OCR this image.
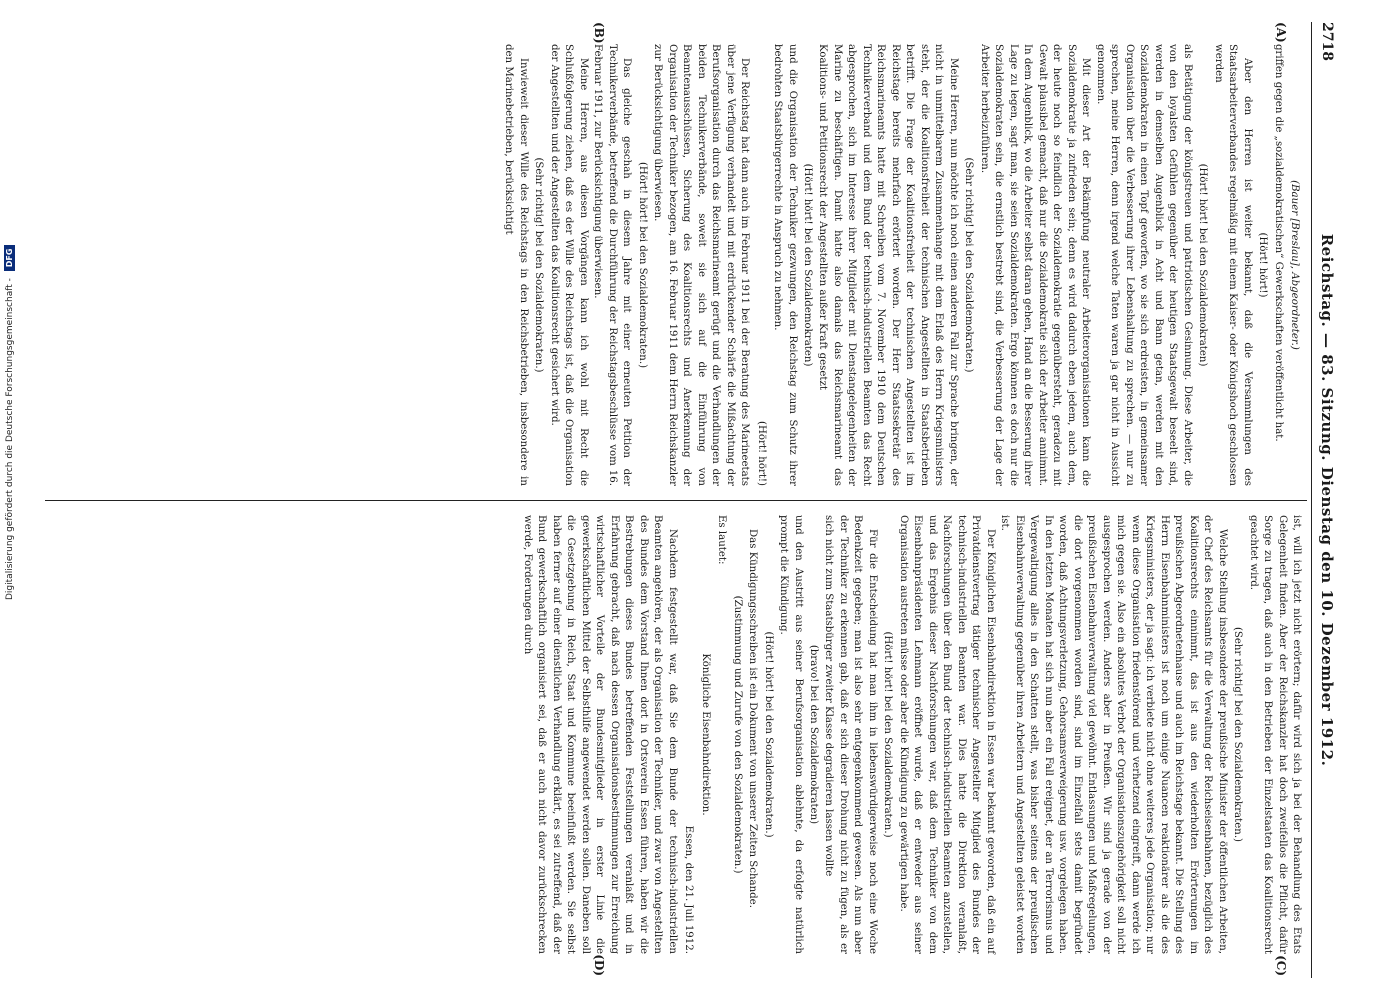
2718
Reichstag. — 83. Sitzung. Dienstag den 10. Dezember 1912.
(A)
(B)

(Bauer [Breslau], Abgeordneter.)

griffen gegen die „sozialdemokratischen“ Gewerkschaften veröffentlicht hat.

(Hört! hört!)

Aber den Herren ist weiter bekannt, daß die Versammlungen des Staatsarbeiterverbandes regelmäßig mit einem Kaiser- oder Königshoch geschlossen werden

(Hört! hört! bei den Sozialdemokraten)

als Betätigung der königstreuen und patriotischen Gesinnung. Diese Arbeiter, die von den loyalsten Gefühlen gegenüber der heutigen Staatsgewalt beseelt sind, werden in demselben Augenblick in Acht und Bann getan, werden mit den Sozialdemokraten in einen Topf geworfen, wo sie sich erdreisten, in gemeinsamer Organisation über die Verbesserung ihrer Lebenshaltung zu sprechen. — nur zu sprechen, meine Herren, denn irgend welche Taten waren ja gar nicht in Aussicht genommen.

Mit dieser Art der Bekämpfung neutraler Arbeiterorganisationen kann die Sozialdemokratie ja zufrieden sein; denn es wird dadurch eben jedem, auch dem, der heute noch so feindlich der Sozialdemokratie gegenübersteht, geradezu mit Gewalt plausibel gemacht, daß nur die Sozialdemokratie sich der Arbeiter annimmt. In dem Augenblick, wo die Arbeiter selbst daran gehen, Hand an die Besserung ihrer Lage zu legen, sagt man, sie seien Sozialdemokraten. Ergo können es doch nur die Sozialdemokraten sein, die ernstlich bestrebt sind, die Verbesserung der Lage der Arbeiter herbeizuführen.

(Sehr richtig! bei den Sozialdemokraten.)

Meine Herren, nun möchte ich noch einen anderen Fall zur Sprache bringen, der nicht in unmittelbarem Zusammenhange mit dem Erlaß des Herrn Kriegsministers steht, der die Koalitionsfreiheit der technischen Angestellten in Staatsbetrieben betrifft. Die Frage der Koalitionsfreiheit der technischen Angestellten ist im Reichstage bereits mehrfach erörtert worden. Der Herr Staatssekretär des Reichsmarineamts hatte mit Schreiben vom 7. November 1910 dem Deutschen Technikerverband und dem Bund der technisch-industriellen Beamten das Recht abgesprochen, sich im Interesse ihrer Mitglieder mit Dienstangelegenheiten der Marine zu beschäftigen. Damit hatte also damals das Reichsmarineamt das Koalitions- und Petitionsrecht der Angestellten außer Kraft gesetzt

(Hört! hört! bei den Sozialdemokraten)

und die Organisation der Techniker gezwungen, den Reichstag zum Schutz ihrer bedrohten Staatsbürgerrechte in Anspruch zu nehmen.

(Hört! hört!)

Der Reichstag hat dann auch im Februar 1911 bei der Beratung des Marineetats über jene Verfügung verhandelt und mit erdrückender Schärfe die Mißachtung der Berufsorganisation durch das Reichsmarineamt gerügt und die Verhandlungen der beiden Technikerverbände, soweit sie sich auf die Einführung von Beamtenausschüssen, Sicherung des Koalitionsrechts und Anerkennung der Organisation der Techniker bezogen, am 16. Februar 1911 dem Herrn Reichskanzler zur Berücksichtigung überwiesen.

(Hört! hört! bei den Sozialdemokraten.)

Das gleiche geschah in diesem Jahre mit einer erneuten Petition der Technikerverbände, betreffend die Durchführung der Reichstagsbeschlüsse vom 16. Februar 1911, zur Berücksichtigung überwiesen.

Meine Herren, aus diesen Vorgängen kann ich wohl mit Recht die Schlußfolgerung ziehen, daß es der Wille des Reichstags ist, daß die Organisation der Angestellten und der Angestellten das Koalitionsrecht gesichert wird.

(Sehr richtig! bei den Sozialdemokraten.)

Inwieweit dieser Wille des Reichstags in den Reichsbetrieben, insbesondere in den Marinebetrieben, berücksichtigt

(C)
(D)

ist, will ich jetzt nicht erörtern; dafür wird sich ja bei der Behandlung des Etats Gelegenheit finden. Aber der Reichskanzler hat doch zweifellos die Pflicht, dafür Sorge zu tragen, daß auch in den Betrieben der Einzelstaaten das Koalitionsrecht geachtet wird.

(Sehr richtig! bei den Sozialdemokraten.)

Welche Stellung insbesondere der preußische Minister der öffentlichen Arbeiten, der Chef des Reichsamts für die Verwaltung der Reichseisenbahnen, bezüglich des Koalitionsrechts einnimmt, das ist aus den wiederholten Erörterungen im preußischen Abgeordnetenhause und auch im Reichstage bekannt. Die Stellung des Herrn Eisenbahnministers ist noch um einige Nuancen reaktionärer als die des Kriegsministers, der ja sagt: ich verbiete nicht ohne weiteres jede Organisation; nur wenn diese Organisation friedenstörend und verhetzend eingreift, dann werde ich mich gegen sie. Also ein absolutes Verbot der Organisationszugehörigkeit soll nicht ausgesprochen werden. Anders aber in Preußen. Wir sind ja gerade von der preußischen Eisenbahnverwaltung viel gewöhnt. Entlassungen und Maßregelungen, die dort vorgenommen worden sind, sind im Einzelfall stets damit begründet worden, daß Achtungsverletzung, Gehorsamsverweigerung usw. vorgelegen haben. In den letzten Monaten hat sich nun aber ein Fall ereignet, der an Terrorismus und Vergewaltigung alles in den Schatten stellt, was bisher seitens der preußischen Eisenbahnverwaltung gegenüber ihren Arbeitern und Angestellten geleistet worden ist.

Der Königlichen Eisenbahndirektion in Essen war bekannt geworden, daß ein auf Privatdienstvertrag tätiger technischer Angestellter Mitglied des Bundes der technisch-industriellen Beamten war. Dies hatte die Direktion veranlaßt, Nachforschungen über den Bund der technisch-industriellen Beamten anzustellen, und das Ergebnis dieser Nachforschungen war, daß dem Techniker von dem Eisenbahnpräsidenten Lehmann eröffnet wurde, daß er entweder aus seiner Organisation austreten müsse oder aber die Kündigung zu gewärtigen habe.

(Hört! hört! bei den Sozialdemokraten.)

Für die Entscheidung hat man ihm in liebenswürdigerweise noch eine Woche Bedenkzeit gegeben; man ist also sehr entgegenkommend gewesen. Als nun aber der Techniker zu erkennen gab, daß er sich dieser Drohung nicht zu fügen, als er sich nicht zum Staatsbürger zweiter Klasse degradieren lassen wollte

(bravo! bei den Sozialdemokraten)

und den Austritt aus seiner Berufsorganisation ablehnte, da erfolgte natürlich prompt die Kündigung.

(Hört! hört! bei den Sozialdemokraten.)

Das Kündigungsschreiben ist ein Dokument von unserer Zeiten Schande.

(Zustimmung und Zurufe von den Sozialdemokraten.)

Es lautet:

Königliche Eisenbahndirektion.

Essen, den 21. Juli 1912.

Nachdem festgestellt war, daß Sie dem Bunde der technisch-industriellen Beamten angehören, der als Organisation der Techniker, und zwar von Angestellten des Bundes dem Vorstand Ihnen dort in Ortsverein Essen führen, haben wir die Bestrebungen dieses Bundes betreffenden Feststellungen veranlaßt und in Erfahrung gebracht, daß nach dessen Organisationsbestimmungen zur Erreichung wirtschaftlicher Vorteile der Bundesmitglieder in erster Linie die gewerkschaftlichen Mittel der Selbsthilfe angewendet werden sollen. Daneben soll die Gesetzgebung in Reich, Staat und Kommune beeinflußt werden. Sie selbst haben ferner auf einer dienstlichen Verhandlung erklärt, es sei zutreffend, daß der Bund gewerkschaftlich organisiert sei, daß er auch nicht davor zurückschrecken werde, Forderungen durch

Digitalisierung gefördert durch die Deutsche Forschungsgemeinschaft - DFG
